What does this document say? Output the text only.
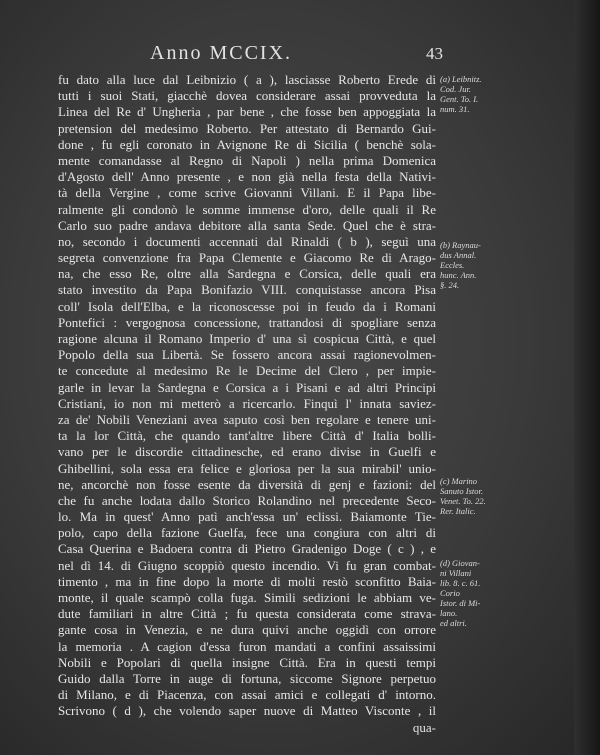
Anno MCCIX.	43
fu dato alla luce dal Leibnizio ( a ), lasciasse Roberto Erede di
tutti i suoi Stati, giacchè dovea considerare assai provveduta la
Linea del Re d' Ungheria , par bene , che fosse ben appoggiata la
pretension del medesimo Roberto. Per attestato di Bernardo Gui-
done , fu egli coronato in Avignone Re di Sicilia ( benchè sola-
mente comandasse al Regno di Napoli ) nella prima Domenica
d'Agosto dell' Anno presente , e non già nella festa della Nativi-
tà della Vergine , come scrive Giovanni Villani. E il Papa libe-
ralmente gli condonò le somme immense d'oro, delle quali il Re
Carlo suo padre andava debitore alla santa Sede. Quel che è stra-
no, secondo i documenti accennati dal Rinaldi ( b ), seguì una
segreta convenzione fra Papa Clemente e Giacomo Re di Arago-
na, che esso Re, oltre alla Sardegna e Corsica, delle quali era
stato investito da Papa Bonifazio VIII. conquistasse ancora Pisa
coll' Isola dell'Elba, e la riconoscesse poi in feudo da i Romani
Pontefici : vergognosa concessione, trattandosi di spogliare senza
ragione alcuna il Romano Imperio d' una sì cospicua Città, e quel
Popolo della sua Libertà. Se fossero ancora assai ragionevolmen-
te concedute al medesimo Re le Decime del Clero , per impie-
garle in levar la Sardegna e Corsica a i Pisani e ad altri Principi
Cristiani, io non mi metterò a ricercarlo. Finquì l' innata saviez-
za de' Nobili Veneziani avea saputo così ben regolare e tenere uni-
ta la lor Città, che quando tant'altre libere Città d' Italia bolli-
vano per le discordie cittadinesche, ed erano divise in Guelfi e
Ghibellini, sola essa era felice e gloriosa per la sua mirabil' unio-
ne, ancorchè non fosse esente da diversità di genj e fazioni: del
che fu anche lodata dallo Storico Rolandino nel precedente Seco-
lo. Ma in quest' Anno patì anch'essa un' eclissi. Baiamonte Tie-
polo, capo della fazione Guelfa, fece una congiura con altri di
Casa Querina e Badoera contra di Pietro Gradenigo Doge ( c ) , e
nel dì 14. di Giugno scoppiò questo incendio. Vi fu gran combat-
timento , ma in fine dopo la morte di molti restò sconfitto Baia-
monte, il quale scampò colla fuga. Simili sedizioni le abbiam ve-
dute familiari in altre Città ; fu questa considerata come strava-
gante cosa in Venezia, e ne dura quivi anche oggidì con orrore
la memoria . A cagion d'essa furon mandati a confini assaissimi
Nobili e Popolari di quella insigne Città. Era in questi tempi
Guido dalla Torre in auge di fortuna, siccome Signore perpetuo
di Milano, e di Piacenza, con assai amici e collegati d' intorno.
Scrivono ( d ), che volendo saper nuove di Matteo Visconte , il
qua-
(a) Leibnitz.
Cod. Jur.
Gent. To. I.
num. 31.
(b) Raynau-
dus Annal.
Eccles.
hunc. Ann.
§. 24.
(c) Marino
Sanuto Istor.
Venet. To. 22.
Rer. Italic.
(d) Giovan-
ni Villani
lib. 8. c. 61.
Corio
Istor. di Mi-
lano.
ed altri.
